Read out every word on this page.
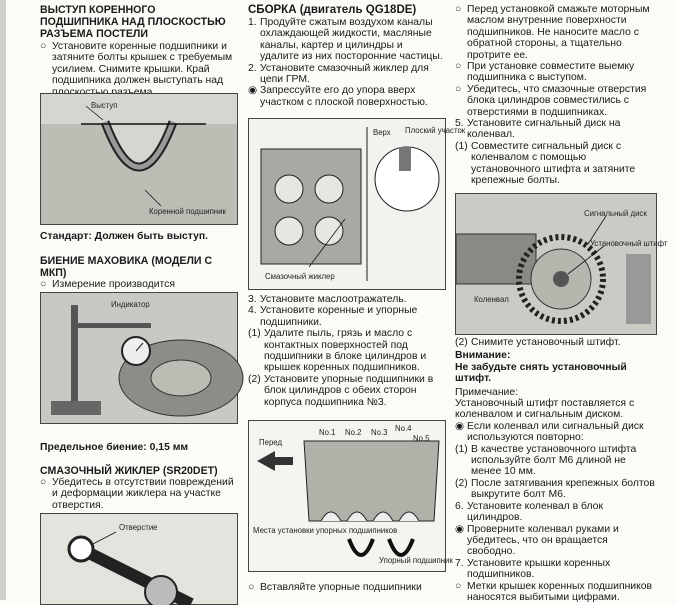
ВЫСТУП КОРЕННОГО ПОДШИПНИКА НАД ПЛОСКОСТЬЮ РАЗЪЕМА ПОСТЕЛИ

○ Установите коренные подшипники и затяните болты крышек с требуемым усилием. Снимите крышки. Край подшипника должен выступать над
Выступ
Коренной подшипник

Стандарт: Должен быть выступ.

БИЕНИЕ МАХОВИКА (МОДЕЛИ С МКП)

○ Измерение производится
Индикатор

Предельное биение: 0,15 мм

СМАЗОЧНЫЙ ЖИКЛЕР (SR20DET)

○ Убедитесь в отсутствии повреждений и деформации жиклера на участке отверстия.
Отверстие

СБОРКА (двигатель QG18DE)

1. Продуйте сжатым воздухом каналы охлаждающей жидкости, масляные каналы, картер и цилиндры и удалите из них посторонние частицы.
2. Установите смазочный жиклер для цепи ГРМ.
◉ Запрессуйте его до упора вверх участком с плоской поверхностью.
Верх Плоский участок
Смазочный жиклер
3. Установите маслоотражатель.
4. Установите коренные и упорные подшипники.
(1) Удалите пыль, грязь и масло с контактных поверхностей под подшипники в блоке цилиндров и крышек коренных подшипников.
(2) Установите упорные подшипники в блок цилиндров с обеих сторон корпуса подшипника №3.
Перед
No.1 No.2 No.3 No.4
No.5
Места установки упорных подшипников
Упорный подшипник
○ Вставляйте упорные подшипники
○ Перед установкой смажьте моторным маслом внутренние поверхности подшипников. Не наносите масло с обратной стороны, а тщательно протрите ее.
○ При установке совместите выемку подшипника с выступом.
○ Убедитесь, что смазочные отверстия блока цилиндров совместились с отверстиями в подшипниках.
5. Установите сигнальный диск на коленвал.
(1) Совместите сигнальный диск с коленвалом с помощью установочного штифта и затяните крепежные болты.
Сигнальный диск
Установочный штифт
Коленвал
(2) Снимите установочный штифт.

Внимание:

Не забудьте снять установочный штифт.

Примечание:

Установочный штифт поставляется с коленвалом и сигнальным диском.

◉ Если коленвал или сигнальный диск используются повторно:
(1) В качестве установочного штифта используйте болт М6 длиной не менее 10 мм.
(2) После затягивания крепежных болтов выкрутите болт М6.
6. Установите коленвал в блок цилиндров.
◉ Проверните коленвал руками и убедитесь, что он вращается свободно.
7. Установите крышки коренных подшипников.
○ Метки крышек коренных подшипников наносятся выбитыми цифрами.
